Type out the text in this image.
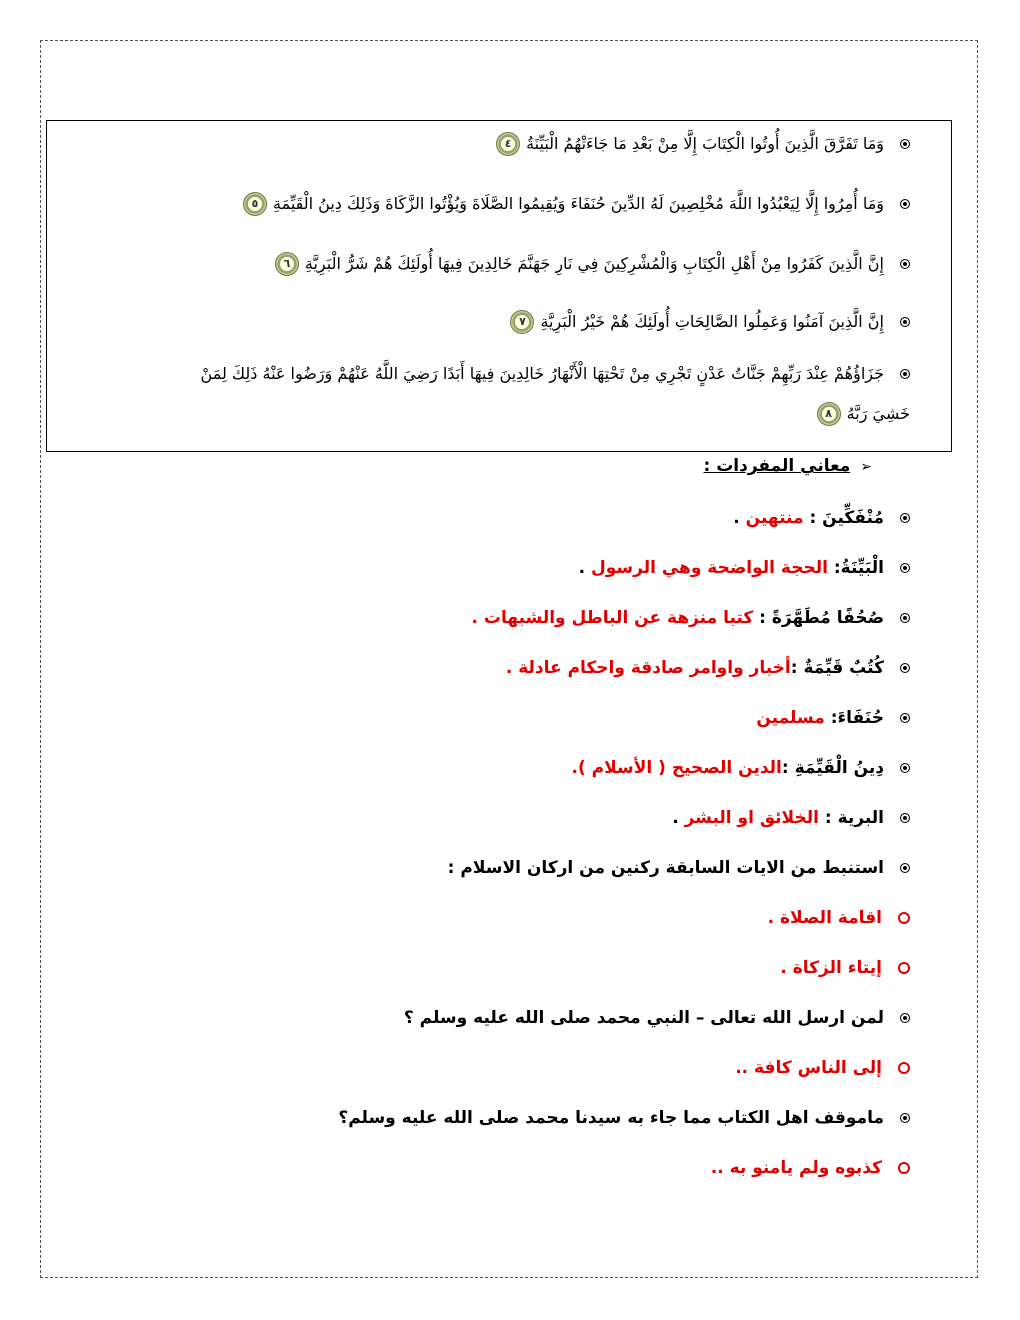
وَمَا تَفَرَّقَ الَّذِينَ أُوتُوا الْكِتَابَ إِلَّا مِنْ بَعْدِ مَا جَاءَتْهُمُ الْبَيِّنَةُ٤
وَمَا أُمِرُوا إِلَّا لِيَعْبُدُوا اللَّهَ مُخْلِصِينَ لَهُ الدِّينَ حُنَفَاءَ وَيُقِيمُوا الصَّلَاةَ وَيُؤْتُوا الزَّكَاةَ وَذَلِكَ دِينُ الْقَيِّمَةِ٥
إِنَّ الَّذِينَ كَفَرُوا مِنْ أَهْلِ الْكِتَابِ وَالْمُشْرِكِينَ فِي نَارِ جَهَنَّمَ خَالِدِينَ فِيهَا أُولَئِكَ هُمْ شَرُّ الْبَرِيَّةِ٦
إِنَّ الَّذِينَ آمَنُوا وَعَمِلُوا الصَّالِحَاتِ أُولَئِكَ هُمْ خَيْرُ الْبَرِيَّةِ٧
جَزَاؤُهُمْ عِنْدَ رَبِّهِمْ جَنَّاتُ عَدْنٍ تَجْرِي مِنْ تَحْتِهَا الْأَنْهَارُ خَالِدِينَ فِيهَا أَبَدًا رَضِيَ اللَّهُ عَنْهُمْ وَرَضُوا عَنْهُ ذَلِكَ لِمَنْ
خَشِيَ رَبَّهُ٨
➢معاني المفردات :
مُنْفَكِّينَ : منتهين .
الْبَيِّنَةُ: الحجة الواضحة وهي الرسول .
صُحُفًا مُطَهَّرَةً : كتبا منزهة عن الباطل والشبهات .
كُتُبٌ قَيِّمَةٌ :أخبار واوامر صادقة واحكام عادلة .
حُنَفَاءَ: مسلمين
دِينُ الْقَيِّمَةِ :الدين الصحيح ( الأسلام ).
البرية : الخلائق او البشر .
استنبط من الايات السابقة ركنين من اركان الاسلام :
اقامة الصلاة .
إيتاء الزكاة .
لمن ارسل الله تعالى – النبي محمد صلى الله عليه وسلم ؟
إلى الناس كافة ..
ماموقف اهل الكتاب مما جاء به سيدنا محمد صلى الله عليه وسلم؟
كذبوه ولم يامنو به ..
